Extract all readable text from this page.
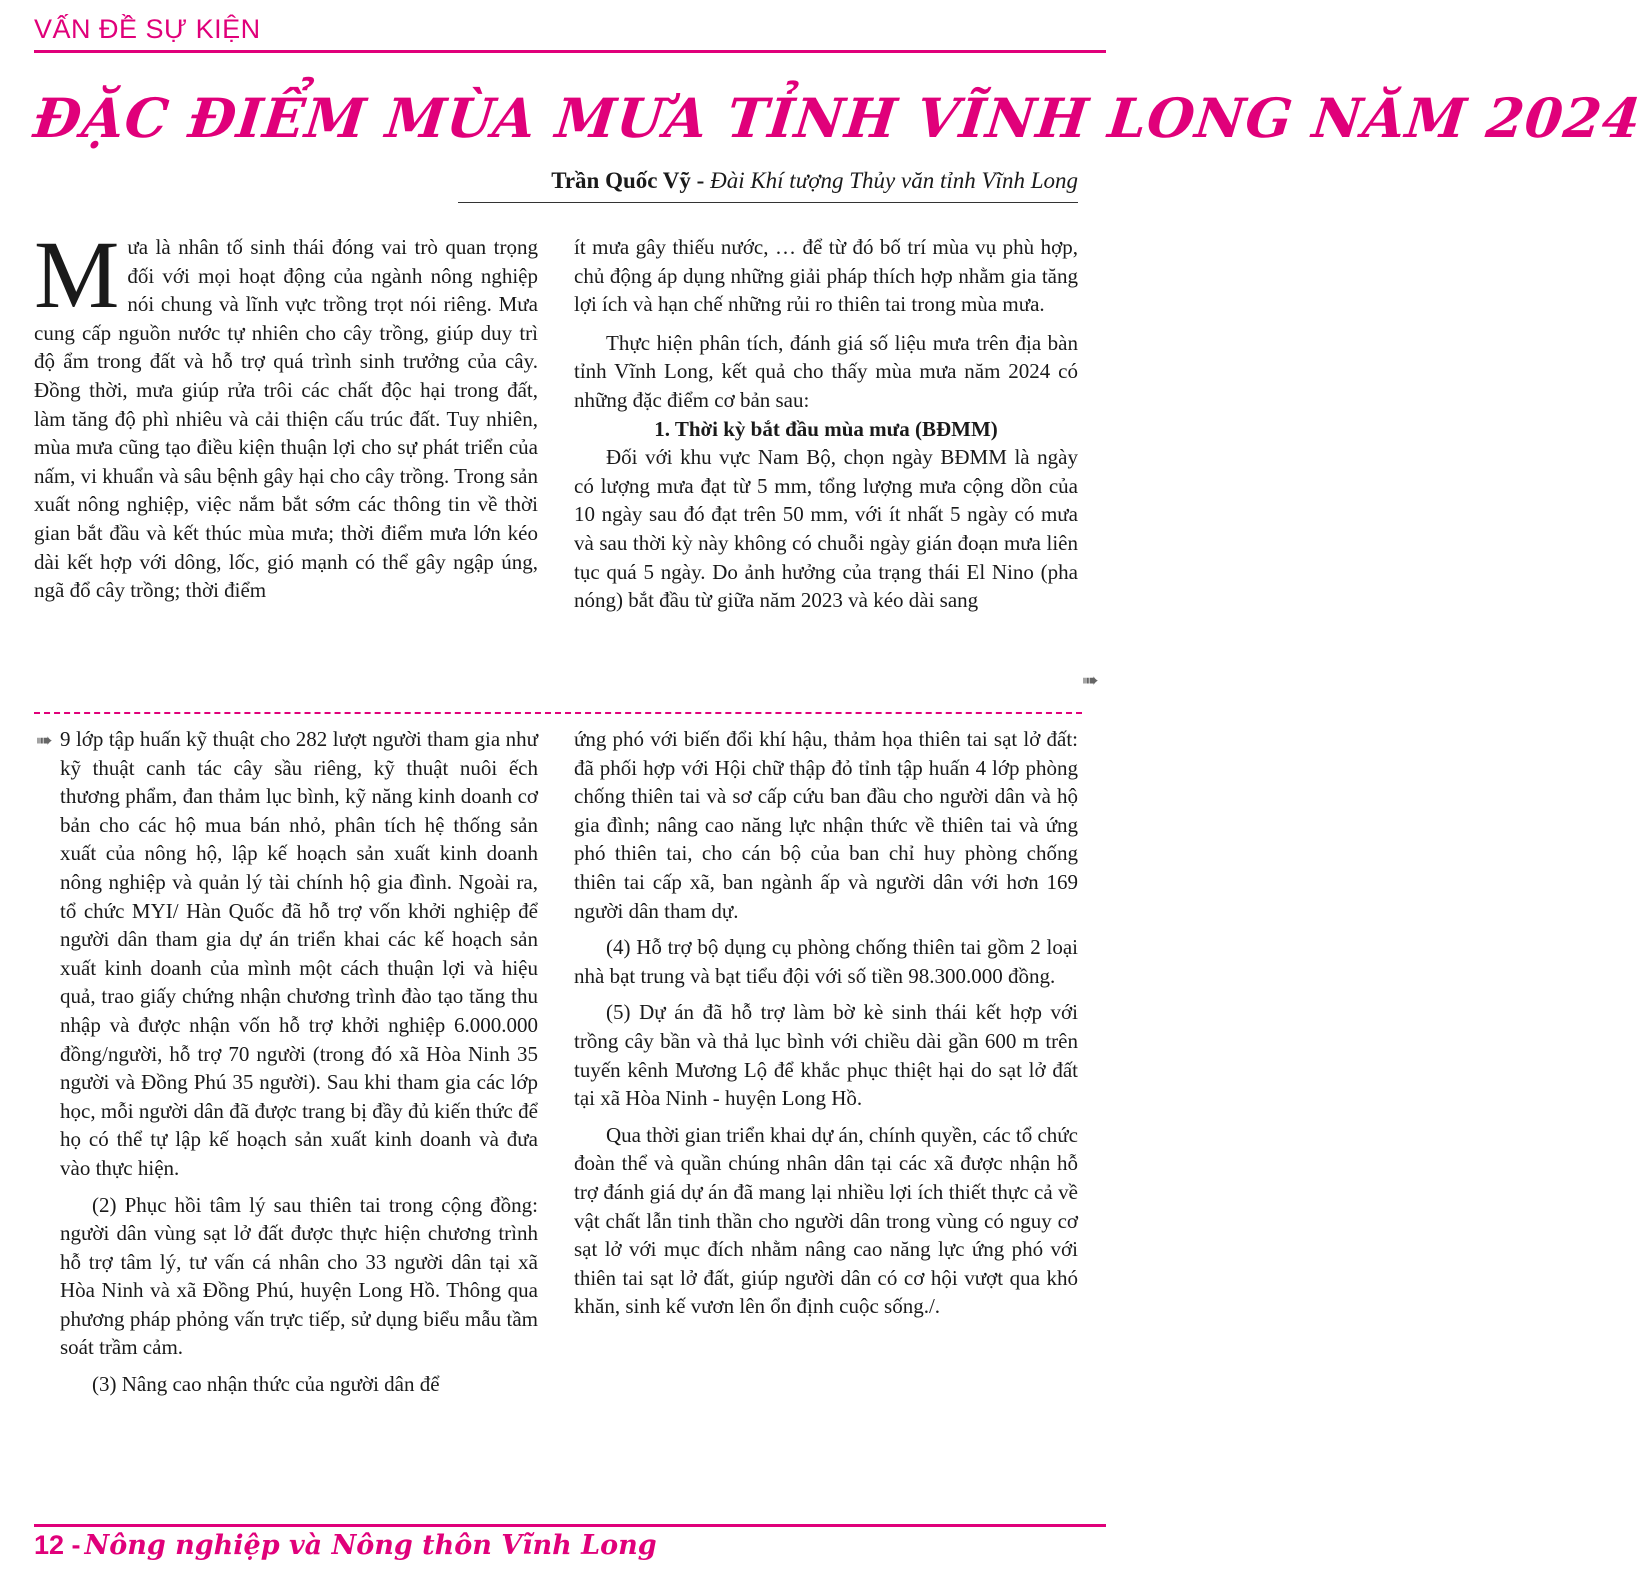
VẤN ĐỀ SỰ KIỆN
ĐẶC ĐIỂM MÙA MƯA TỈNH VĨNH LONG NĂM 2024
Trần Quốc Vỹ - Đài Khí tượng Thủy văn tỉnh Vĩnh Long

Mưa là nhân tố sinh thái đóng vai trò quan trọng đối với mọi hoạt động của ngành nông nghiệp nói chung và lĩnh vực trồng trọt nói riêng. Mưa cung cấp nguồn nước tự nhiên cho cây trồng, giúp duy trì độ ẩm trong đất và hỗ trợ quá trình sinh trưởng của cây. Đồng thời, mưa giúp rửa trôi các chất độc hại trong đất, làm tăng độ phì nhiêu và cải thiện cấu trúc đất. Tuy nhiên, mùa mưa cũng tạo điều kiện thuận lợi cho sự phát triển của nấm, vi khuẩn và sâu bệnh gây hại cho cây trồng. Trong sản xuất nông nghiệp, việc nắm bắt sớm các thông tin về thời gian bắt đầu và kết thúc mùa mưa; thời điểm mưa lớn kéo dài kết hợp với dông, lốc, gió mạnh có thể gây ngập úng, ngã đổ cây trồng; thời điểm

ít mưa gây thiếu nước, … để từ đó bố trí mùa vụ phù hợp, chủ động áp dụng những giải pháp thích hợp nhằm gia tăng lợi ích và hạn chế những rủi ro thiên tai trong mùa mưa.

Thực hiện phân tích, đánh giá số liệu mưa trên địa bàn tỉnh Vĩnh Long, kết quả cho thấy mùa mưa năm 2024 có những đặc điểm cơ bản sau:

1. Thời kỳ bắt đầu mùa mưa (BĐMM)

Đối với khu vực Nam Bộ, chọn ngày BĐMM là ngày có lượng mưa đạt từ 5 mm, tổng lượng mưa cộng dồn của 10 ngày sau đó đạt trên 50 mm, với ít nhất 5 ngày có mưa và sau thời kỳ này không có chuỗi ngày gián đoạn mưa liên tục quá 5 ngày. Do ảnh hưởng của trạng thái El Nino (pha nóng) bắt đầu từ giữa năm 2023 và kéo dài sang

➠
➠ 9 lớp tập huấn kỹ thuật cho 282 lượt người tham gia như kỹ thuật canh tác cây sầu riêng, kỹ thuật nuôi ếch thương phẩm, đan thảm lục bình, kỹ năng kinh doanh cơ bản cho các hộ mua bán nhỏ, phân tích hệ thống sản xuất của nông hộ, lập kế hoạch sản xuất kinh doanh nông nghiệp và quản lý tài chính hộ gia đình. Ngoài ra, tổ chức MYI/ Hàn Quốc đã hỗ trợ vốn khởi nghiệp để người dân tham gia dự án triển khai các kế hoạch sản xuất kinh doanh của mình một cách thuận lợi và hiệu quả, trao giấy chứng nhận chương trình đào tạo tăng thu nhập và được nhận vốn hỗ trợ khởi nghiệp 6.000.000 đồng/người, hỗ trợ 70 người (trong đó xã Hòa Ninh 35 người và Đồng Phú 35 người). Sau khi tham gia các lớp học, mỗi người dân đã được trang bị đầy đủ kiến thức để họ có thể tự lập kế hoạch sản xuất kinh doanh và đưa vào thực hiện.

(2) Phục hồi tâm lý sau thiên tai trong cộng đồng: người dân vùng sạt lở đất được thực hiện chương trình hỗ trợ tâm lý, tư vấn cá nhân cho 33 người dân tại xã Hòa Ninh và xã Đồng Phú, huyện Long Hồ. Thông qua phương pháp phỏng vấn trực tiếp, sử dụng biểu mẫu tầm soát trầm cảm.

(3) Nâng cao nhận thức của người dân để

ứng phó với biến đổi khí hậu, thảm họa thiên tai sạt lở đất: đã phối hợp với Hội chữ thập đỏ tỉnh tập huấn 4 lớp phòng chống thiên tai và sơ cấp cứu ban đầu cho người dân và hộ gia đình; nâng cao năng lực nhận thức về thiên tai và ứng phó thiên tai, cho cán bộ của ban chỉ huy phòng chống thiên tai cấp xã, ban ngành ấp và người dân với hơn 169 người dân tham dự.

(4) Hỗ trợ bộ dụng cụ phòng chống thiên tai gồm 2 loại nhà bạt trung và bạt tiểu đội với số tiền 98.300.000 đồng.

(5) Dự án đã hỗ trợ làm bờ kè sinh thái kết hợp với trồng cây bần và thả lục bình với chiều dài gần 600 m trên tuyến kênh Mương Lộ để khắc phục thiệt hại do sạt lở đất tại xã Hòa Ninh - huyện Long Hồ.

Qua thời gian triển khai dự án, chính quyền, các tổ chức đoàn thể và quần chúng nhân dân tại các xã được nhận hỗ trợ đánh giá dự án đã mang lại nhiều lợi ích thiết thực cả về vật chất lẫn tinh thần cho người dân trong vùng có nguy cơ sạt lở với mục đích nhằm nâng cao năng lực ứng phó với thiên tai sạt lở đất, giúp người dân có cơ hội vượt qua khó khăn, sinh kế vươn lên ổn định cuộc sống./.

12 - Nông nghiệp và Nông thôn Vĩnh Long
